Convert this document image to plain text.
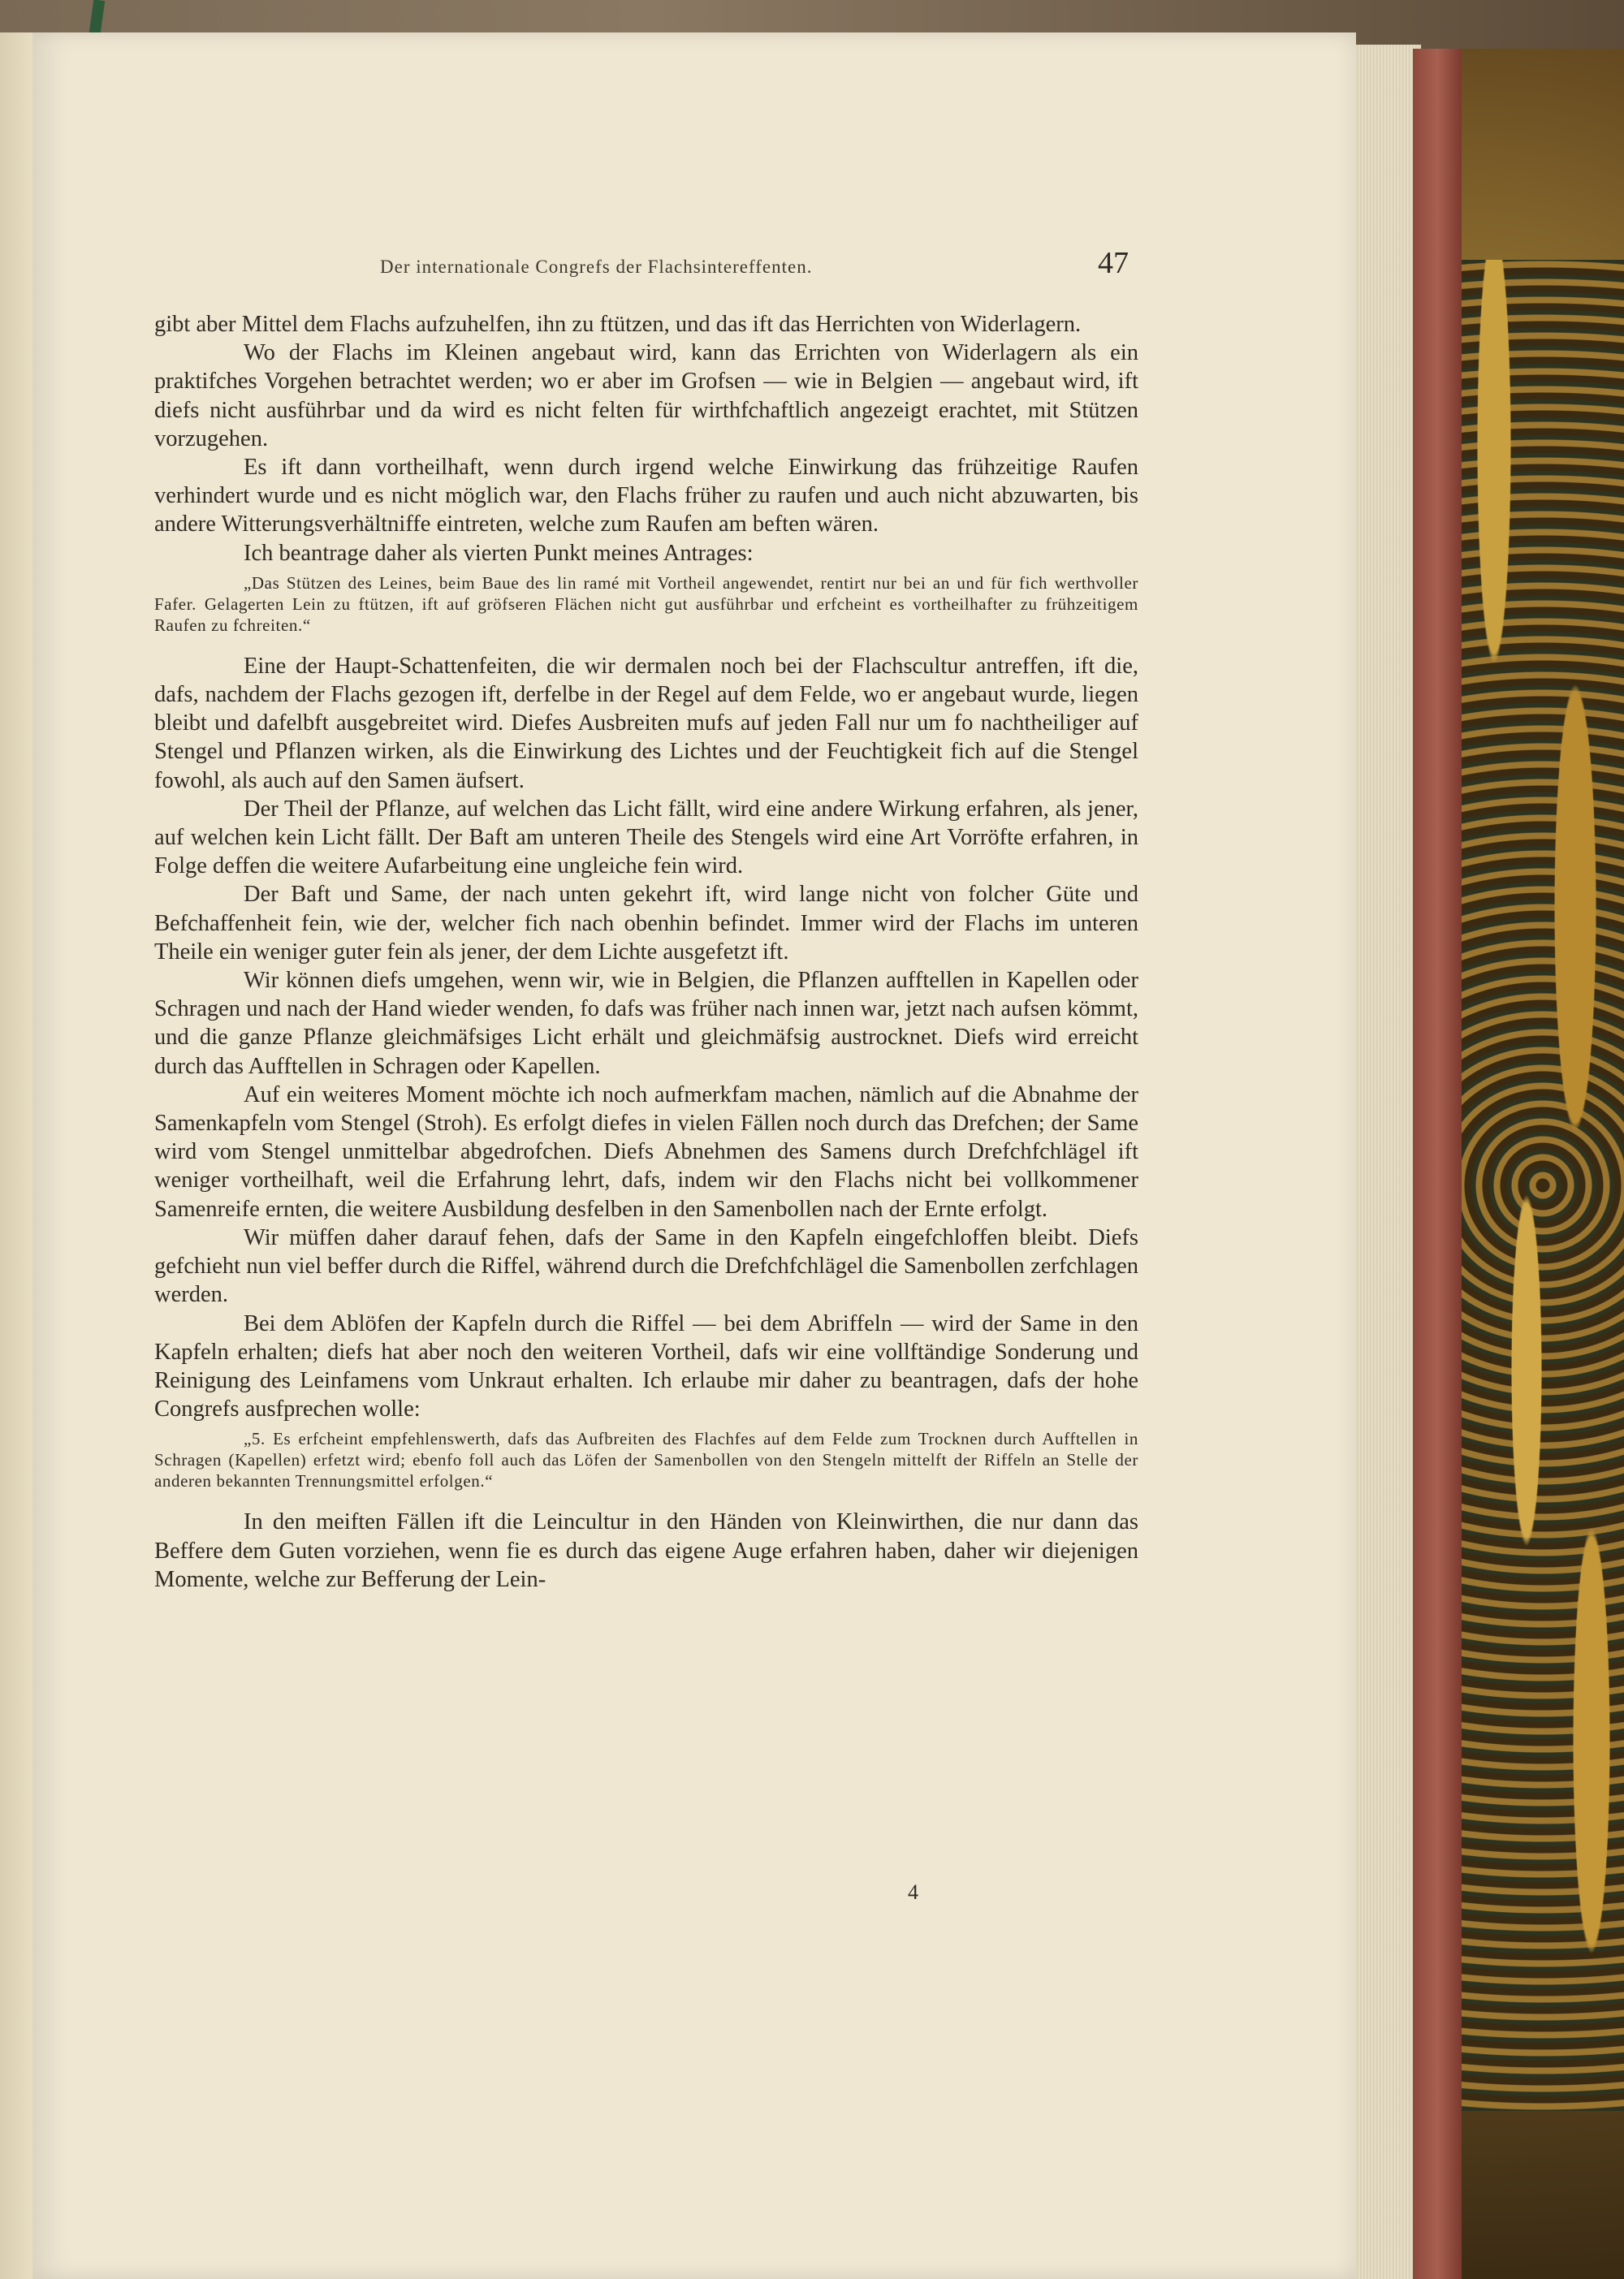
Der internationale Congrefs der Flachsintereffenten.	47

gibt aber Mittel dem Flachs aufzuhelfen, ihn zu ftützen, und das ift das Herrichten von Widerlagern.

Wo der Flachs im Kleinen angebaut wird, kann das Errichten von Widerlagern als ein praktifches Vorgehen betrachtet werden; wo er aber im Grofsen — wie in Belgien — angebaut wird, ift diefs nicht ausführbar und da wird es nicht felten für wirthfchaftlich angezeigt erachtet, mit Stützen vorzugehen.

Es ift dann vortheilhaft, wenn durch irgend welche Einwirkung das frühzeitige Raufen verhindert wurde und es nicht möglich war, den Flachs früher zu raufen und auch nicht abzuwarten, bis andere Witterungsverhältniffe eintreten, welche zum Raufen am beften wären.

Ich beantrage daher als vierten Punkt meines Antrages:

„Das Stützen des Leines, beim Baue des lin ramé mit Vortheil angewendet, rentirt nur bei an und für fich werthvoller Fafer. Gelagerten Lein zu ftützen, ift auf gröfseren Flächen nicht gut ausführbar und erfcheint es vortheilhafter zu frühzeitigem Raufen zu fchreiten.“

Eine der Haupt-Schattenfeiten, die wir dermalen noch bei der Flachscultur antreffen, ift die, dafs, nachdem der Flachs gezogen ift, derfelbe in der Regel auf dem Felde, wo er angebaut wurde, liegen bleibt und dafelbft ausgebreitet wird. Diefes Ausbreiten mufs auf jeden Fall nur um fo nachtheiliger auf Stengel und Pflanzen wirken, als die Einwirkung des Lichtes und der Feuchtigkeit fich auf die Stengel fowohl, als auch auf den Samen äufsert.

Der Theil der Pflanze, auf welchen das Licht fällt, wird eine andere Wirkung erfahren, als jener, auf welchen kein Licht fällt. Der Baft am unteren Theile des Stengels wird eine Art Vorröfte erfahren, in Folge deffen die weitere Aufarbeitung eine ungleiche fein wird.

Der Baft und Same, der nach unten gekehrt ift, wird lange nicht von folcher Güte und Befchaffenheit fein, wie der, welcher fich nach obenhin befindet. Immer wird der Flachs im unteren Theile ein weniger guter fein als jener, der dem Lichte ausgefetzt ift.

Wir können diefs umgehen, wenn wir, wie in Belgien, die Pflanzen aufftellen in Kapellen oder Schragen und nach der Hand wieder wenden, fo dafs was früher nach innen war, jetzt nach aufsen kömmt, und die ganze Pflanze gleichmäfsiges Licht erhält und gleichmäfsig austrocknet. Diefs wird erreicht durch das Aufftellen in Schragen oder Kapellen.

Auf ein weiteres Moment möchte ich noch aufmerkfam machen, nämlich auf die Abnahme der Samenkapfeln vom Stengel (Stroh). Es erfolgt diefes in vielen Fällen noch durch das Drefchen; der Same wird vom Stengel unmittelbar abgedrofchen. Diefs Abnehmen des Samens durch Drefchfchlägel ift weniger vortheilhaft, weil die Erfahrung lehrt, dafs, indem wir den Flachs nicht bei vollkommener Samenreife ernten, die weitere Ausbildung desfelben in den Samenbollen nach der Ernte erfolgt.

Wir müffen daher darauf fehen, dafs der Same in den Kapfeln eingefchloffen bleibt. Diefs gefchieht nun viel beffer durch die Riffel, während durch die Drefchfchlägel die Samenbollen zerfchlagen werden.

Bei dem Ablöfen der Kapfeln durch die Riffel — bei dem Abriffeln — wird der Same in den Kapfeln erhalten; diefs hat aber noch den weiteren Vortheil, dafs wir eine vollftändige Sonderung und Reinigung des Leinfamens vom Unkraut erhalten. Ich erlaube mir daher zu beantragen, dafs der hohe Congrefs ausfprechen wolle:

„5. Es erfcheint empfehlenswerth, dafs das Aufbreiten des Flachfes auf dem Felde zum Trocknen durch Aufftellen in Schragen (Kapellen) erfetzt wird; ebenfo foll auch das Löfen der Samenbollen von den Stengeln mittelft der Riffeln an Stelle der anderen bekannten Trennungsmittel erfolgen.“

In den meiften Fällen ift die Leincultur in den Händen von Kleinwirthen, die nur dann das Beffere dem Guten vorziehen, wenn fie es durch das eigene Auge erfahren haben, daher wir diejenigen Momente, welche zur Befferung der Lein-

4
